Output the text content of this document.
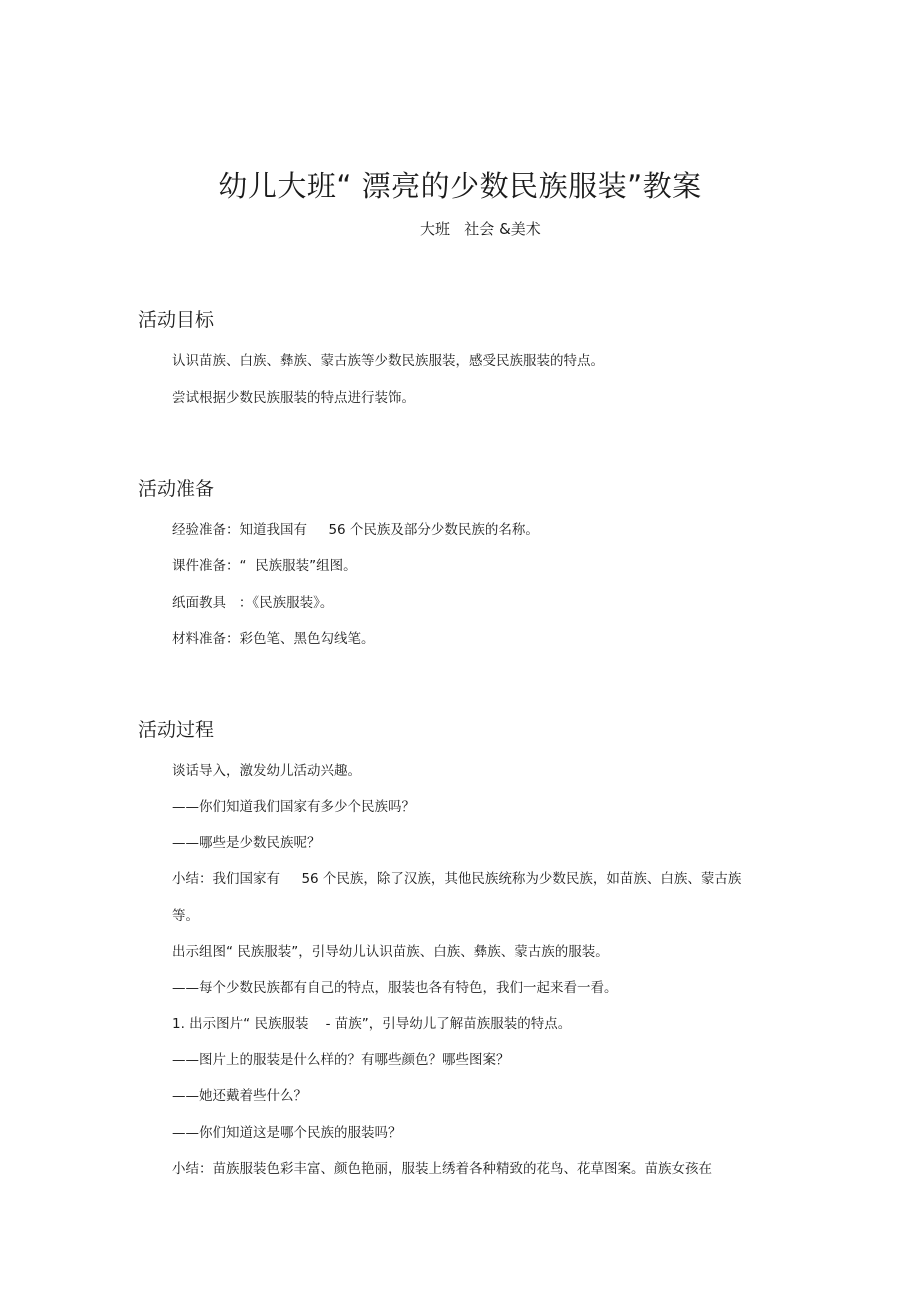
幼儿大班“ 漂亮的少数民族服装”教案
大班   社会 &美术
活动目标
认识苗族、白族、彝族、蒙古族等少数民族服装，感受民族服装的特点。
尝试根据少数民族服装的特点进行装饰。
活动准备
经验准备：知道我国有     56 个民族及部分少数民族的名称。
课件准备：“  民族服装”组图。
纸面教具   ：《民族服装》。
材料准备：彩色笔、黑色勾线笔。
活动过程
谈话导入，激发幼儿活动兴趣。
——你们知道我们国家有多少个民族吗？
——哪些是少数民族呢？
小结：我们国家有     56 个民族，除了汉族，其他民族统称为少数民族，如苗族、白族、蒙古族
等。
出示组图“ 民族服装”，引导幼儿认识苗族、白族、彝族、蒙古族的服装。
——每个少数民族都有自己的特点，服装也各有特色，我们一起来看一看。
1. 出示图片“ 民族服装    - 苗族”，引导幼儿了解苗族服装的特点。
——图片上的服装是什么样的？有哪些颜色？哪些图案？
——她还戴着些什么？
——你们知道这是哪个民族的服装吗？
小结：苗族服装色彩丰富、颜色艳丽，服装上绣着各种精致的花鸟、花草图案。苗族女孩在
